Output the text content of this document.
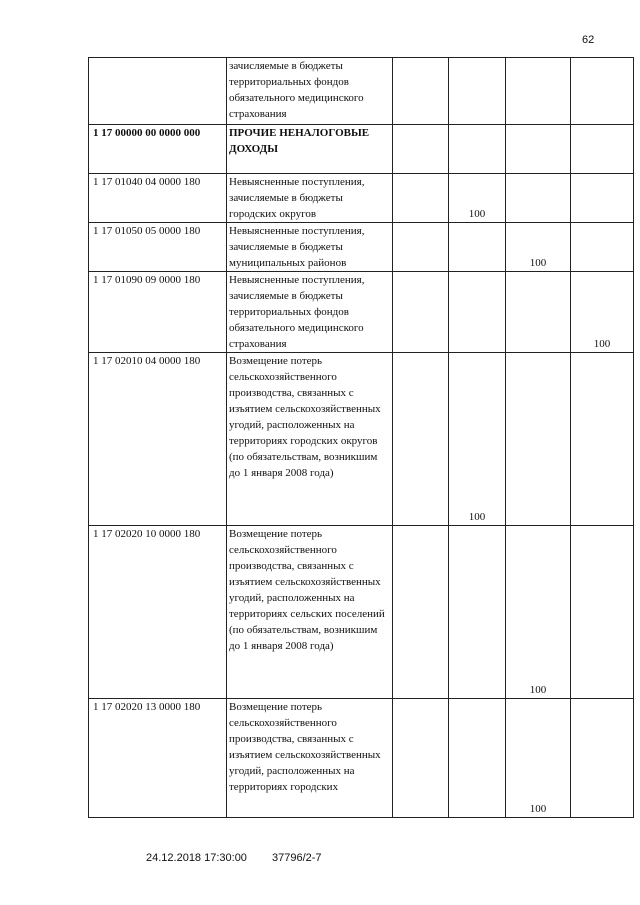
62
	зачисляемые в бюджеты территориальных фондов обязательного медицинского страхования				
1 17 00000 00 0000 000	ПРОЧИЕ НЕНАЛОГОВЫЕ ДОХОДЫ				
1 17 01040 04 0000 180	Невыясненные поступления, зачисляемые в бюджеты городских округов		100		
1 17 01050 05 0000 180	Невыясненные поступления, зачисляемые в бюджеты муниципальных районов			100	
1 17 01090 09 0000 180	Невыясненные поступления, зачисляемые в бюджеты территориальных фондов обязательного медицинского страхования				100
1 17 02010 04 0000 180	Возмещение потерь сельскохозяйственного производства, связанных с изъятием сельскохозяйственных угодий, расположенных на территориях городских округов (по обязательствам, возникшим до 1 января 2008 года)		100		
1 17 02020 10 0000 180	Возмещение потерь сельскохозяйственного производства, связанных с изъятием сельскохозяйственных угодий, расположенных на территориях сельских поселений (по обязательствам, возникшим до 1 января 2008 года)			100	
1 17 02020 13 0000 180	Возмещение потерь сельскохозяйственного производства, связанных с изъятием сельскохозяйственных угодий, расположенных на территориях городских			100	
24.12.2018 17:30:00 37796/2-7
